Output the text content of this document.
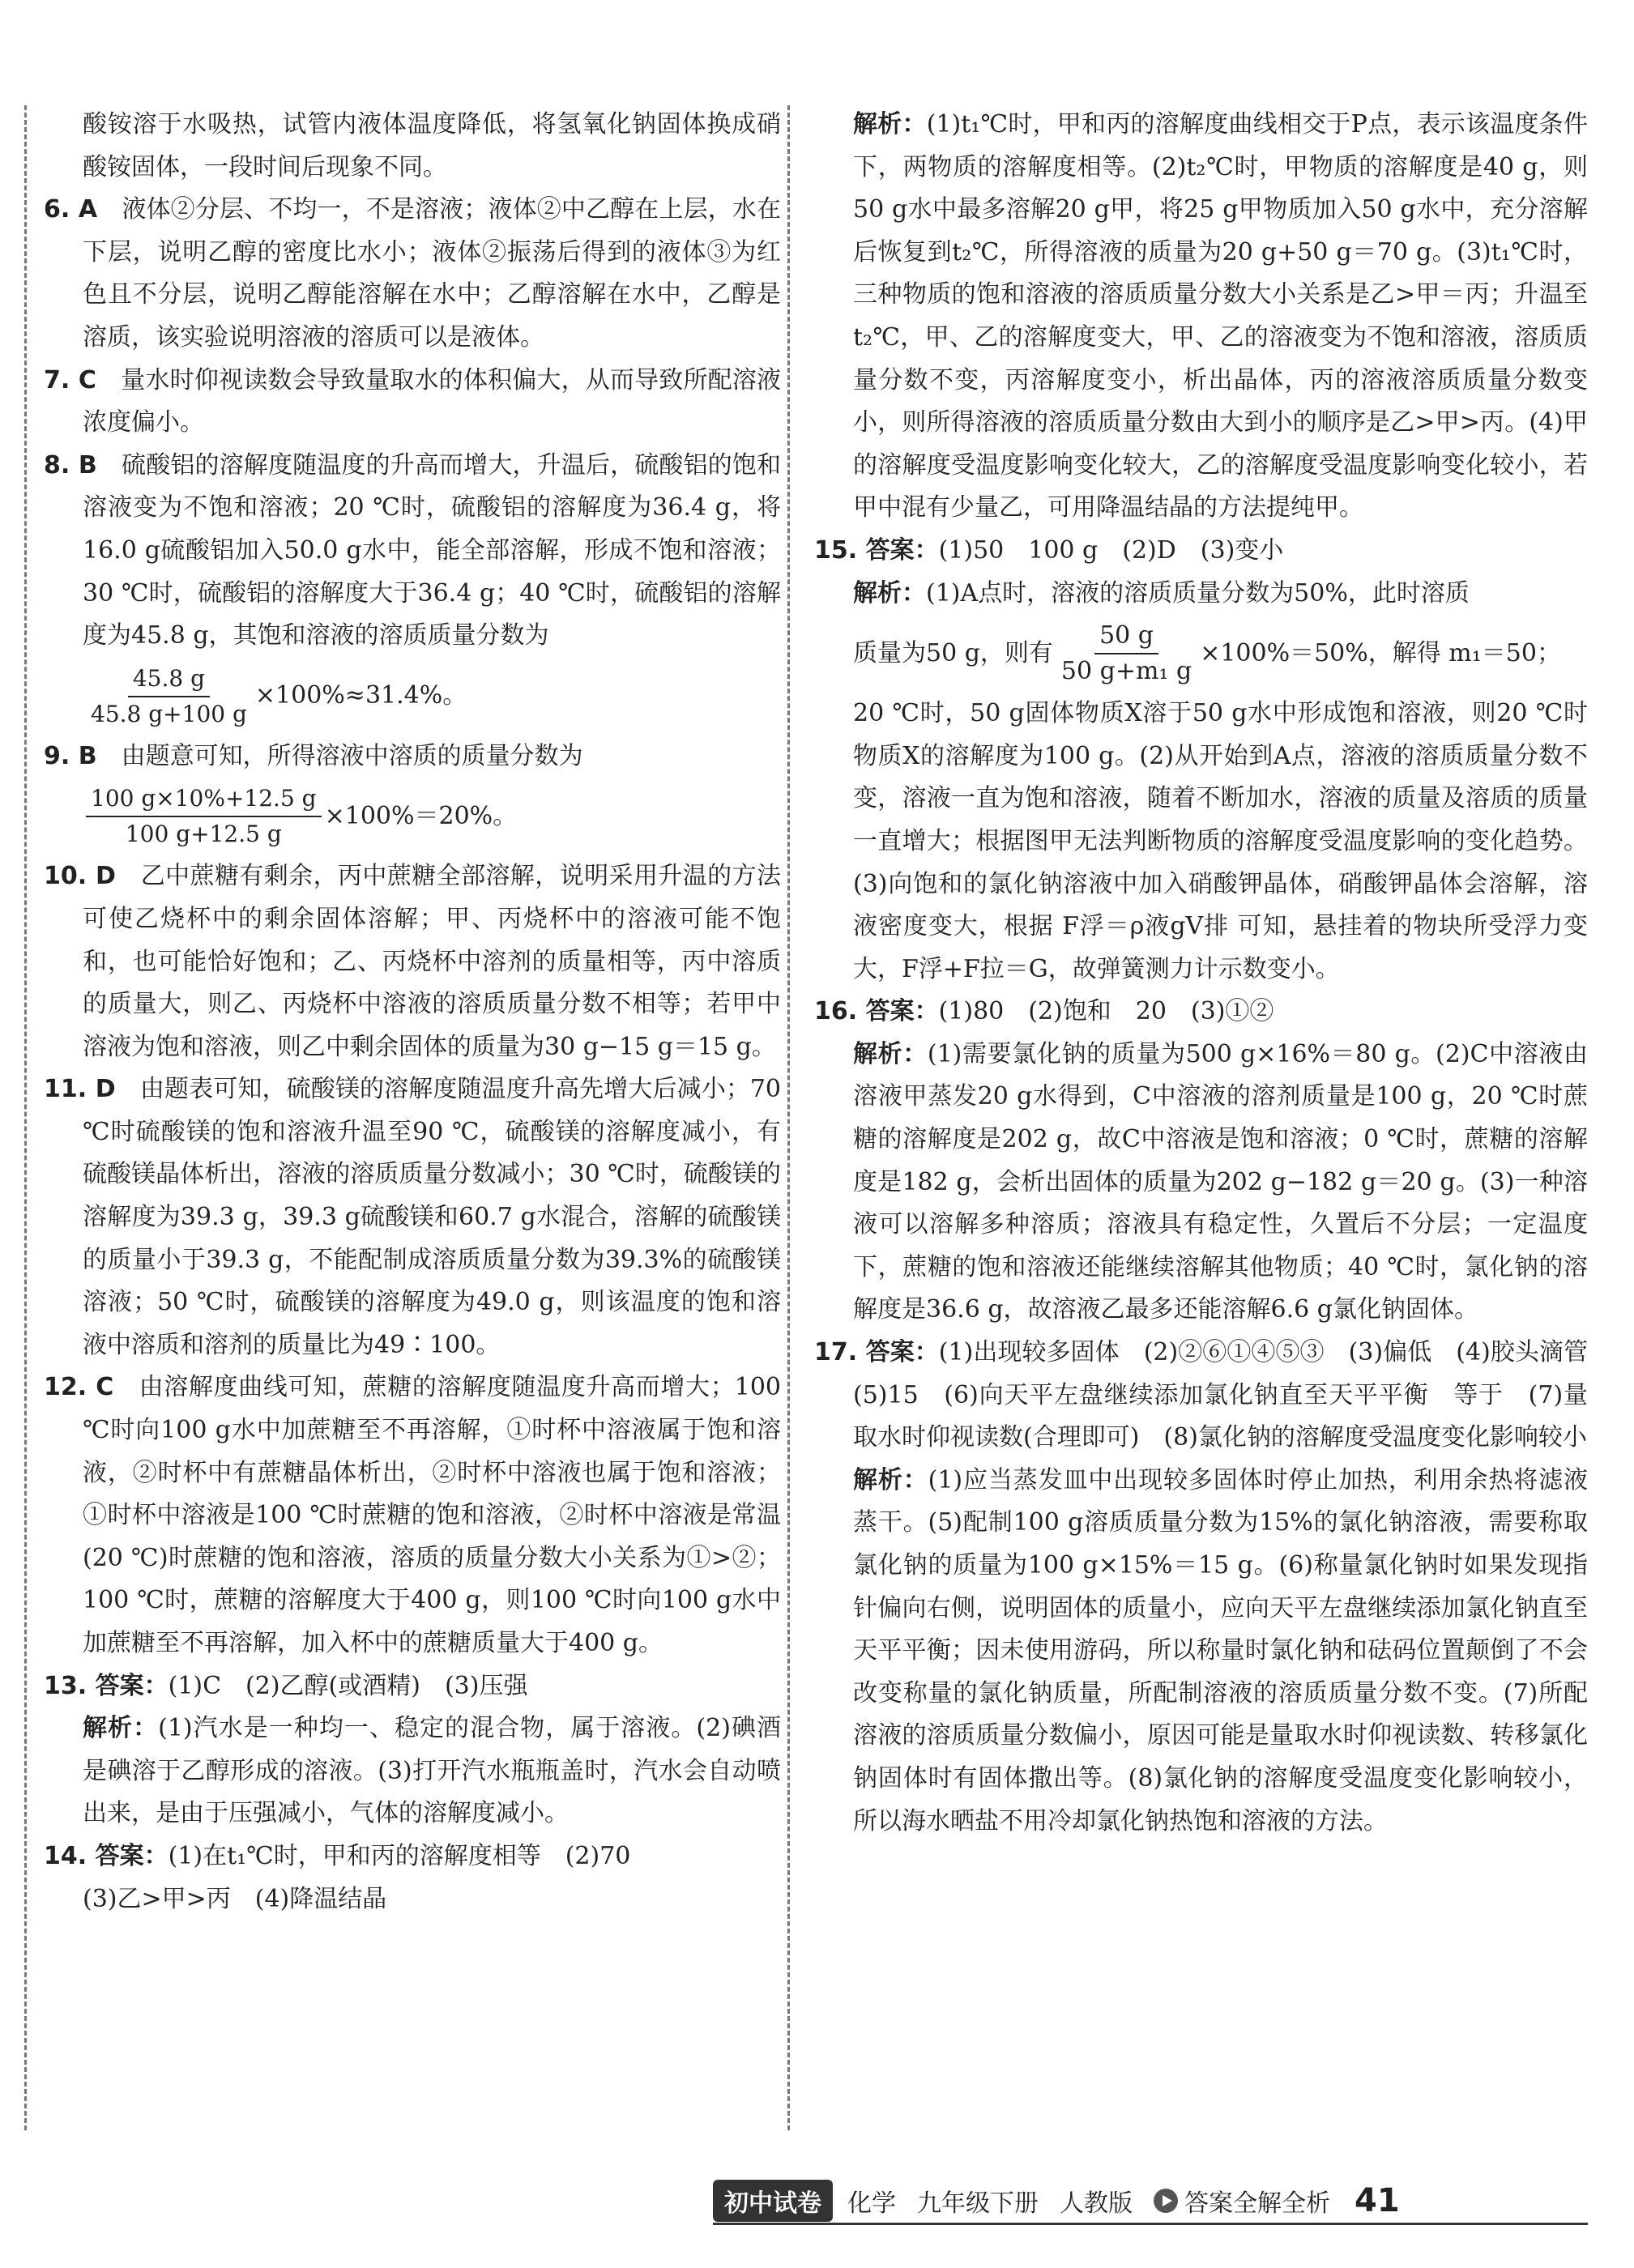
酸铵溶于水吸热，试管内液体温度降低，将氢氧化钠固体换成硝酸铵固体，一段时间后现象不同。

6. A　 液体②分层、不均一，不是溶液；液体②中乙醇在上层，水在下层，说明乙醇的密度比水小；液体②振荡后得到的液体③为红色且不分层，说明乙醇能溶解在水中；乙醇溶解在水中，乙醇是溶质，该实验说明溶液的溶质可以是液体。

7. C　 量水时仰视读数会导致量取水的体积偏大，从而导致所配溶液浓度偏小。

8. B　 硫酸铝的溶解度随温度的升高而增大，升温后，硫酸铝的饱和溶液变为不饱和溶液；20 ℃时，硫酸铝的溶解度为36.4 g，将16.0 g硫酸铝加入50.0 g水中，能全部溶解，形成不饱和溶液；30 ℃时，硫酸铝的溶解度大于36.4 g；40 ℃时，硫酸铝的溶解度为45.8 g，其饱和溶液的溶质质量分数为

$\frac{45.8 g}{45.8 g+100 g} \times 100\%\approx 31.4\%$。

9. B　 由题意可知，所得溶液中溶质的质量分数为

$\frac{100 g\times 10\%+12.5 g}{100 g+12.5 g} \times 100\%=20\%$。

10. D　 乙中蔗糖有剩余，丙中蔗糖全部溶解，说明采用升温的方法可使乙烧杯中的剩余固体溶解；甲、丙烧杯中的溶液可能不饱和，也可能恰好饱和；乙、丙烧杯中溶剂的质量相等，丙中溶质的质量大，则乙、丙烧杯中溶液的溶质质量分数不相等；若甲中溶液为饱和溶液，则乙中剩余固体的质量为30 g−15 g＝15 g。

11. D　 由题表可知，硫酸镁的溶解度随温度升高先增大后减小；70 ℃时硫酸镁的饱和溶液升温至90 ℃，硫酸镁的溶解度减小，有硫酸镁晶体析出，溶液的溶质质量分数减小；30 ℃时，硫酸镁的溶解度为39.3 g，39.3 g硫酸镁和60.7 g水混合，溶解的硫酸镁的质量小于39.3 g，不能配制成溶质质量分数为39.3%的硫酸镁溶液；50 ℃时，硫酸镁的溶解度为49.0 g，则该温度的饱和溶液中溶质和溶剂的质量比为49∶100。

12. C　 由溶解度曲线可知，蔗糖的溶解度随温度升高而增大；100 ℃时向100 g水中加蔗糖至不再溶解，①时杯中溶液属于饱和溶液，②时杯中有蔗糖晶体析出，②时杯中溶液也属于饱和溶液；①时杯中溶液是100 ℃时蔗糖的饱和溶液，②时杯中溶液是常温(20 ℃)时蔗糖的饱和溶液，溶质的质量分数大小关系为①>②；100 ℃时，蔗糖的溶解度大于400 g，则100 ℃时向100 g水中加蔗糖至不再溶解，加入杯中的蔗糖质量大于400 g。

13. 答案：(1)C　(2)乙醇(或酒精)　(3)压强

解析：(1)汽水是一种均一、稳定的混合物，属于溶液。(2)碘酒是碘溶于乙醇形成的溶液。(3)打开汽水瓶瓶盖时，汽水会自动喷出来，是由于压强减小，气体的溶解度减小。

14. 答案：(1)在t₁℃时，甲和丙的溶解度相等　(2)70

(3)乙>甲>丙　(4)降温结晶

解析：(1)t₁℃时，甲和丙的溶解度曲线相交于P点，表示该温度条件下，两物质的溶解度相等。(2)t₂℃时，甲物质的溶解度是40 g，则50 g水中最多溶解20 g甲，将25 g甲物质加入50 g水中，充分溶解后恢复到t₂℃，所得溶液的质量为20 g+50 g＝70 g。(3)t₁℃时，三种物质的饱和溶液的溶质质量分数大小关系是乙>甲＝丙；升温至t₂℃，甲、乙的溶解度变大，甲、乙的溶液变为不饱和溶液，溶质质量分数不变，丙溶解度变小，析出晶体，丙的溶液溶质质量分数变小，则所得溶液的溶质质量分数由大到小的顺序是乙>甲>丙。(4)甲的溶解度受温度影响变化较大，乙的溶解度受温度影响变化较小，若甲中混有少量乙，可用降温结晶的方法提纯甲。

15. 答案：(1)50　100 g　(2)D　(3)变小

解析：(1)A点时，溶液的溶质质量分数为50%，此时溶质

质量为50 g，则有 $\frac{50 g}{\text{50 g+m₁ g}} \times 100\%=50\%$，解得 m₁＝50；

20 ℃时，50 g固体物质X溶于50 g水中形成饱和溶液，则20 ℃时物质X的溶解度为100 g。(2)从开始到A点，溶液的溶质质量分数不变，溶液一直为饱和溶液，随着不断加水，溶液的质量及溶质的质量一直增大；根据图甲无法判断物质的溶解度受温度影响的变化趋势。(3)向饱和的氯化钠溶液中加入硝酸钾晶体，硝酸钾晶体会溶解，溶液密度变大，根据 F浮＝ρ液gV排 可知，悬挂着的物块所受浮力变大，F浮+F拉＝G，故弹簧测力计示数变小。

16. 答案：(1)80　(2)饱和　20　(3)①②

解析：(1)需要氯化钠的质量为500 g×16%＝80 g。(2)C中溶液由溶液甲蒸发20 g水得到，C中溶液的溶剂质量是100 g，20 ℃时蔗糖的溶解度是202 g，故C中溶液是饱和溶液；0 ℃时，蔗糖的溶解度是182 g，会析出固体的质量为202 g−182 g＝20 g。(3)一种溶液可以溶解多种溶质；溶液具有稳定性，久置后不分层；一定温度下，蔗糖的饱和溶液还能继续溶解其他物质；40 ℃时，氯化钠的溶解度是36.6 g，故溶液乙最多还能溶解6.6 g氯化钠固体。

17. 答案：(1)出现较多固体　(2)②⑥①④⑤③　(3)偏低　(4)胶头滴管　(5)15　(6)向天平左盘继续添加氯化钠直至天平平衡　等于　(7)量取水时仰视读数(合理即可)　(8)氯化钠的溶解度受温度变化影响较小

解析：(1)应当蒸发皿中出现较多固体时停止加热，利用余热将滤液蒸干。(5)配制100 g溶质质量分数为15%的氯化钠溶液，需要称取氯化钠的质量为100 g×15%＝15 g。(6)称量氯化钠时如果发现指针偏向右侧，说明固体的质量小，应向天平左盘继续添加氯化钠直至天平平衡；因未使用游码，所以称量时氯化钠和砝码位置颠倒了不会改变称量的氯化钠质量，所配制溶液的溶质质量分数不变。(7)所配溶液的溶质质量分数偏小，原因可能是量取水时仰视读数、转移氯化钠固体时有固体撒出等。(8)氯化钠的溶解度受温度变化影响较小，所以海水晒盐不用冷却氯化钠热饱和溶液的方法。

初中试卷	化学 九年级下册 人教版 答案全解全析 41
